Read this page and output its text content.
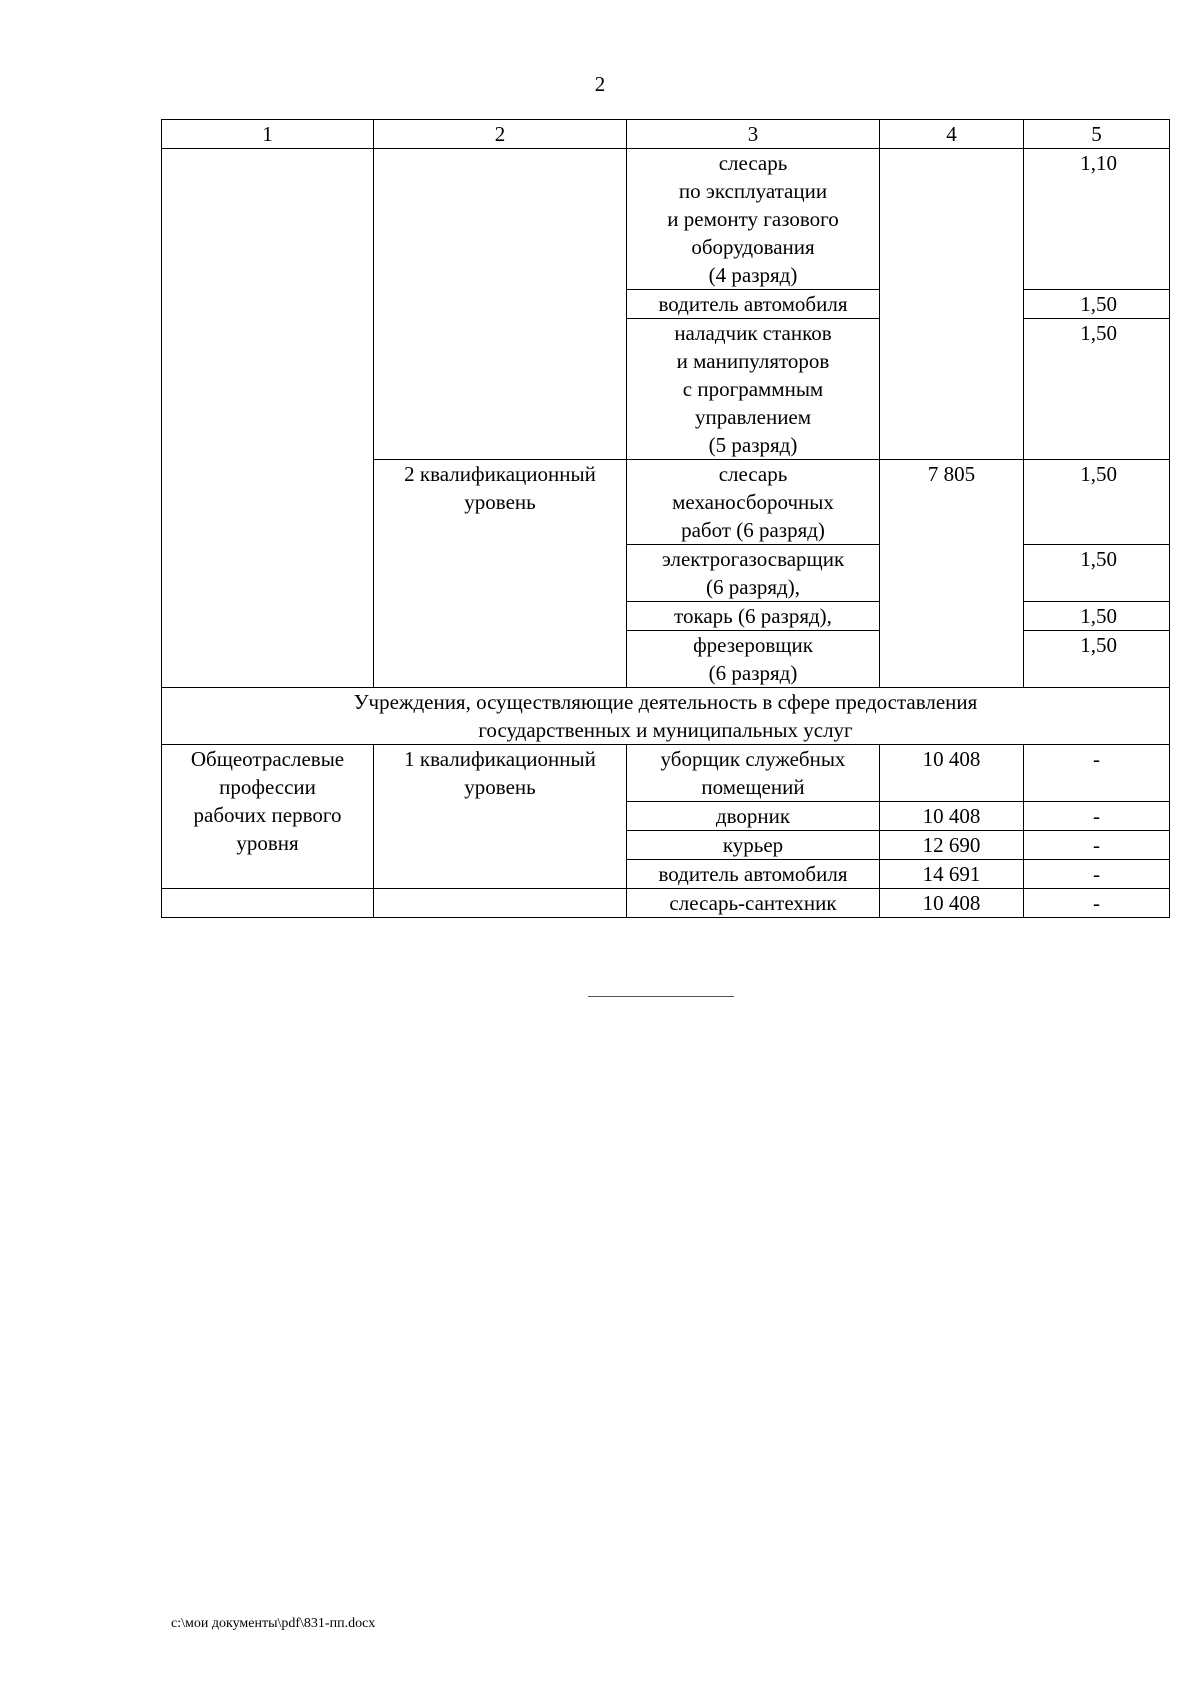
2
1	2	3	4	5
		слесарь
по эксплуатации
и ремонту газового
оборудования
(4 разряд)		1,10
		водитель автомобиля		1,50
		наладчик станков
и манипуляторов
с программным
управлением
(5 разряд)		1,50
	2 квалификационный
уровень	слесарь
механосборочных
работ (6 разряд)	7 805	1,50
		электрогазосварщик
(6 разряд),		1,50
		токарь (6 разряд),		1,50
		фрезеровщик
(6 разряд)		1,50
Учреждения, осуществляющие деятельность в сфере предоставления
государственных и муниципальных услуг				
Общеотраслевые
профессии
рабочих первого
уровня	1 квалификационный
уровень	уборщик служебных
помещений	10 408	-
		дворник	10 408	-
		курьер	12 690	-
		водитель автомобиля	14 691	-
		слесарь-сантехник	10 408	-
c:\мои документы\pdf\831-пп.docx
